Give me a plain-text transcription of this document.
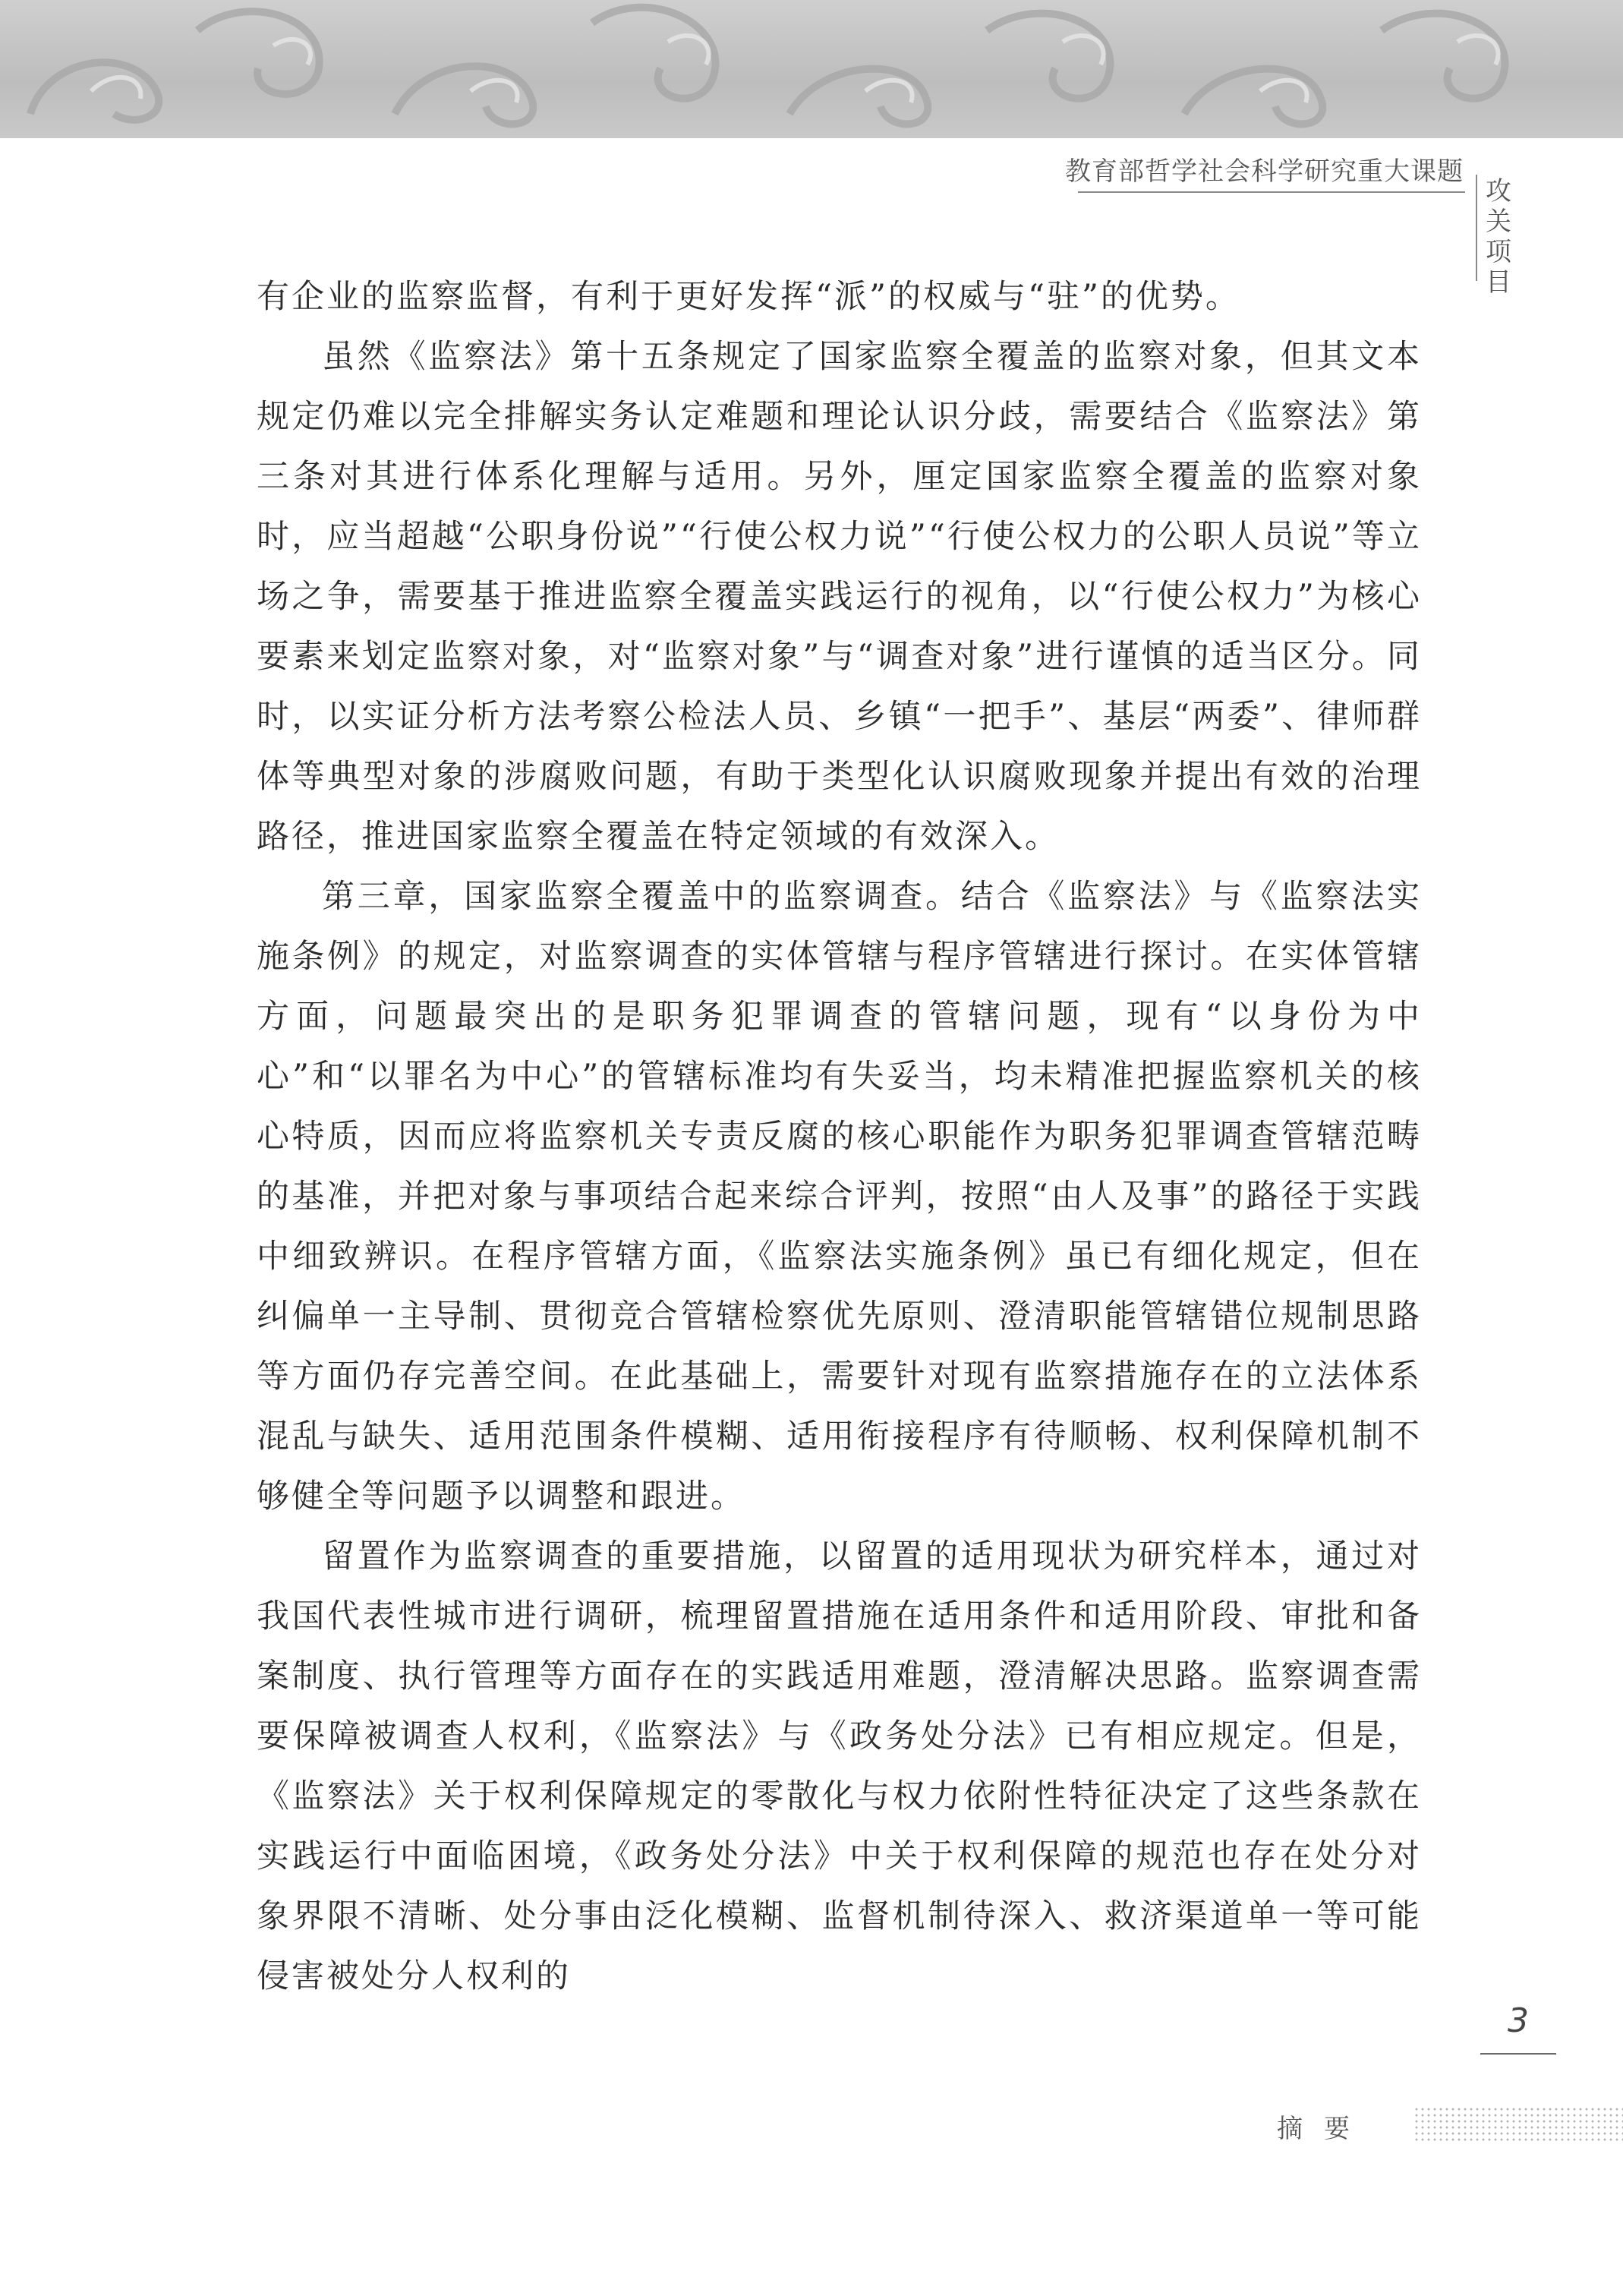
教育部哲学社会科学研究重大课题
攻关项目

有企业的监察监督，有利于更好发挥“派”的权威与“驻”的优势。

虽然《监察法》第十五条规定了国家监察全覆盖的监察对象，但其文本规定仍难以完全排解实务认定难题和理论认识分歧，需要结合《监察法》第三条对其进行体系化理解与适用。另外，厘定国家监察全覆盖的监察对象时，应当超越“公职身份说”“行使公权力说”“行使公权力的公职人员说”等立场之争，需要基于推进监察全覆盖实践运行的视角，以“行使公权力”为核心要素来划定监察对象，对“监察对象”与“调查对象”进行谨慎的适当区分。同时，以实证分析方法考察公检法人员、乡镇“一把手”、基层“两委”、律师群体等典型对象的涉腐败问题，有助于类型化认识腐败现象并提出有效的治理路径，推进国家监察全覆盖在特定领域的有效深入。

第三章，国家监察全覆盖中的监察调查。结合《监察法》与《监察法实施条例》的规定，对监察调查的实体管辖与程序管辖进行探讨。在实体管辖方面，问题最突出的是职务犯罪调查的管辖问题，现有“以身份为中心”和“以罪名为中心”的管辖标准均有失妥当，均未精准把握监察机关的核心特质，因而应将监察机关专责反腐的核心职能作为职务犯罪调查管辖范畴的基准，并把对象与事项结合起来综合评判，按照“由人及事”的路径于实践中细致辨识。在程序管辖方面，《监察法实施条例》虽已有细化规定，但在纠偏单一主导制、贯彻竞合管辖检察优先原则、澄清职能管辖错位规制思路等方面仍存完善空间。在此基础上，需要针对现有监察措施存在的立法体系混乱与缺失、适用范围条件模糊、适用衔接程序有待顺畅、权利保障机制不够健全等问题予以调整和跟进。

留置作为监察调查的重要措施，以留置的适用现状为研究样本，通过对我国代表性城市进行调研，梳理留置措施在适用条件和适用阶段、审批和备案制度、执行管理等方面存在的实践适用难题，澄清解决思路。监察调查需要保障被调查人权利，《监察法》与《政务处分法》已有相应规定。但是，《监察法》关于权利保障规定的零散化与权力依附性特征决定了这些条款在实践运行中面临困境，《政务处分法》中关于权利保障的规范也存在处分对象界限不清晰、处分事由泛化模糊、监督机制待深入、救济渠道单一等可能侵害被处分人权利的

3
摘要
